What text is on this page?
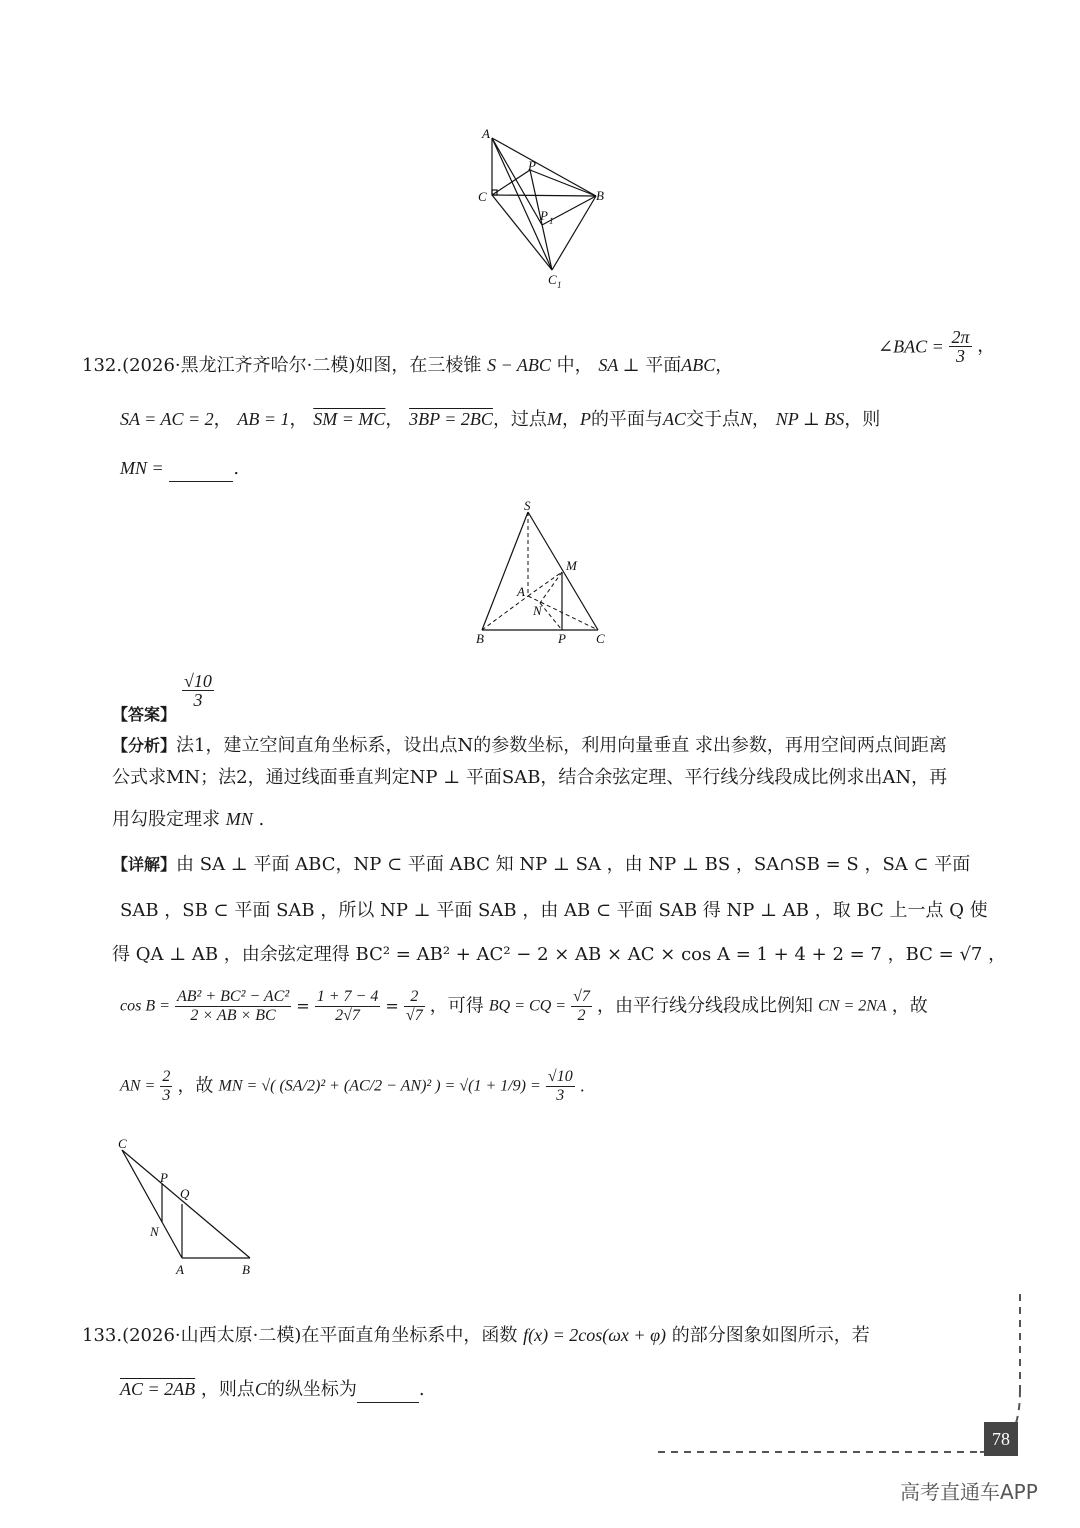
A
P
C	B
P 1
C 1
132.(2026·黑龙江齐齐哈尔·二模)如图，在三棱锥 S − ABC 中， SA ⊥ 平面ABC，
∠BAC = $\frac{2\pi}{3}$ ，
SA = AC = 2， AB = 1， SM = MC， 3BP = 2BC，过点M，P的平面与AC交于点N， NP ⊥ BS，则
MN =	.
S
M
A
N
B	P C
【答案】
$\frac{√10}{3}$
【分析】法1，建立空间直角坐标系，设出点N的参数坐标，利用向量垂直 求出参数，再用空间两点间距离
公式求MN；法2，通过线面垂直判定NP ⊥ 平面SAB，结合余弦定理、平行线分线段成比例求出AN，再
用勾股定理求 MN .
【详解】由 SA ⊥ 平面 ABC，NP ⊂ 平面 ABC 知 NP ⊥ SA ，由 NP ⊥ BS ，SA∩SB = S ，SA ⊂ 平面
SAB ，SB ⊂ 平面 SAB ，所以 NP ⊥ 平面 SAB ，由 AB ⊂ 平面 SAB 得 NP ⊥ AB ，取 BC 上一点 Q 使
得 QA ⊥ AB ，由余弦定理得 BC² = AB² + AC² − 2 × AB × AC × cos A = 1 + 4 + 2 = 7 ，BC = √7 ，
$\cos B = \frac{\text{AB² + BC² − AC²}}{2 \times AB \times BC} = \frac{1 + 7 - 4}{2√7} = \frac{2}{√7}$ ，可得 BQ = CQ = $\frac{√7}{2}$ ，由平行线分线段成比例知 CN = 2NA ，故
AN = $\frac{2}{3}$ ，故 MN = √( (SA/2)² + (AC/2 − AN)² ) = $√(1 + 1/9) = \frac{√10}{3}$ .
C
P
Q
N
A	B
133.(2026·山西太原·二模)在平面直角坐标系中，函数 f(x) = 2cos(ωx + φ) 的部分图象如图所示，若
AC = 2AB ，则点C的纵坐标为	.
78
高考直通车APP
